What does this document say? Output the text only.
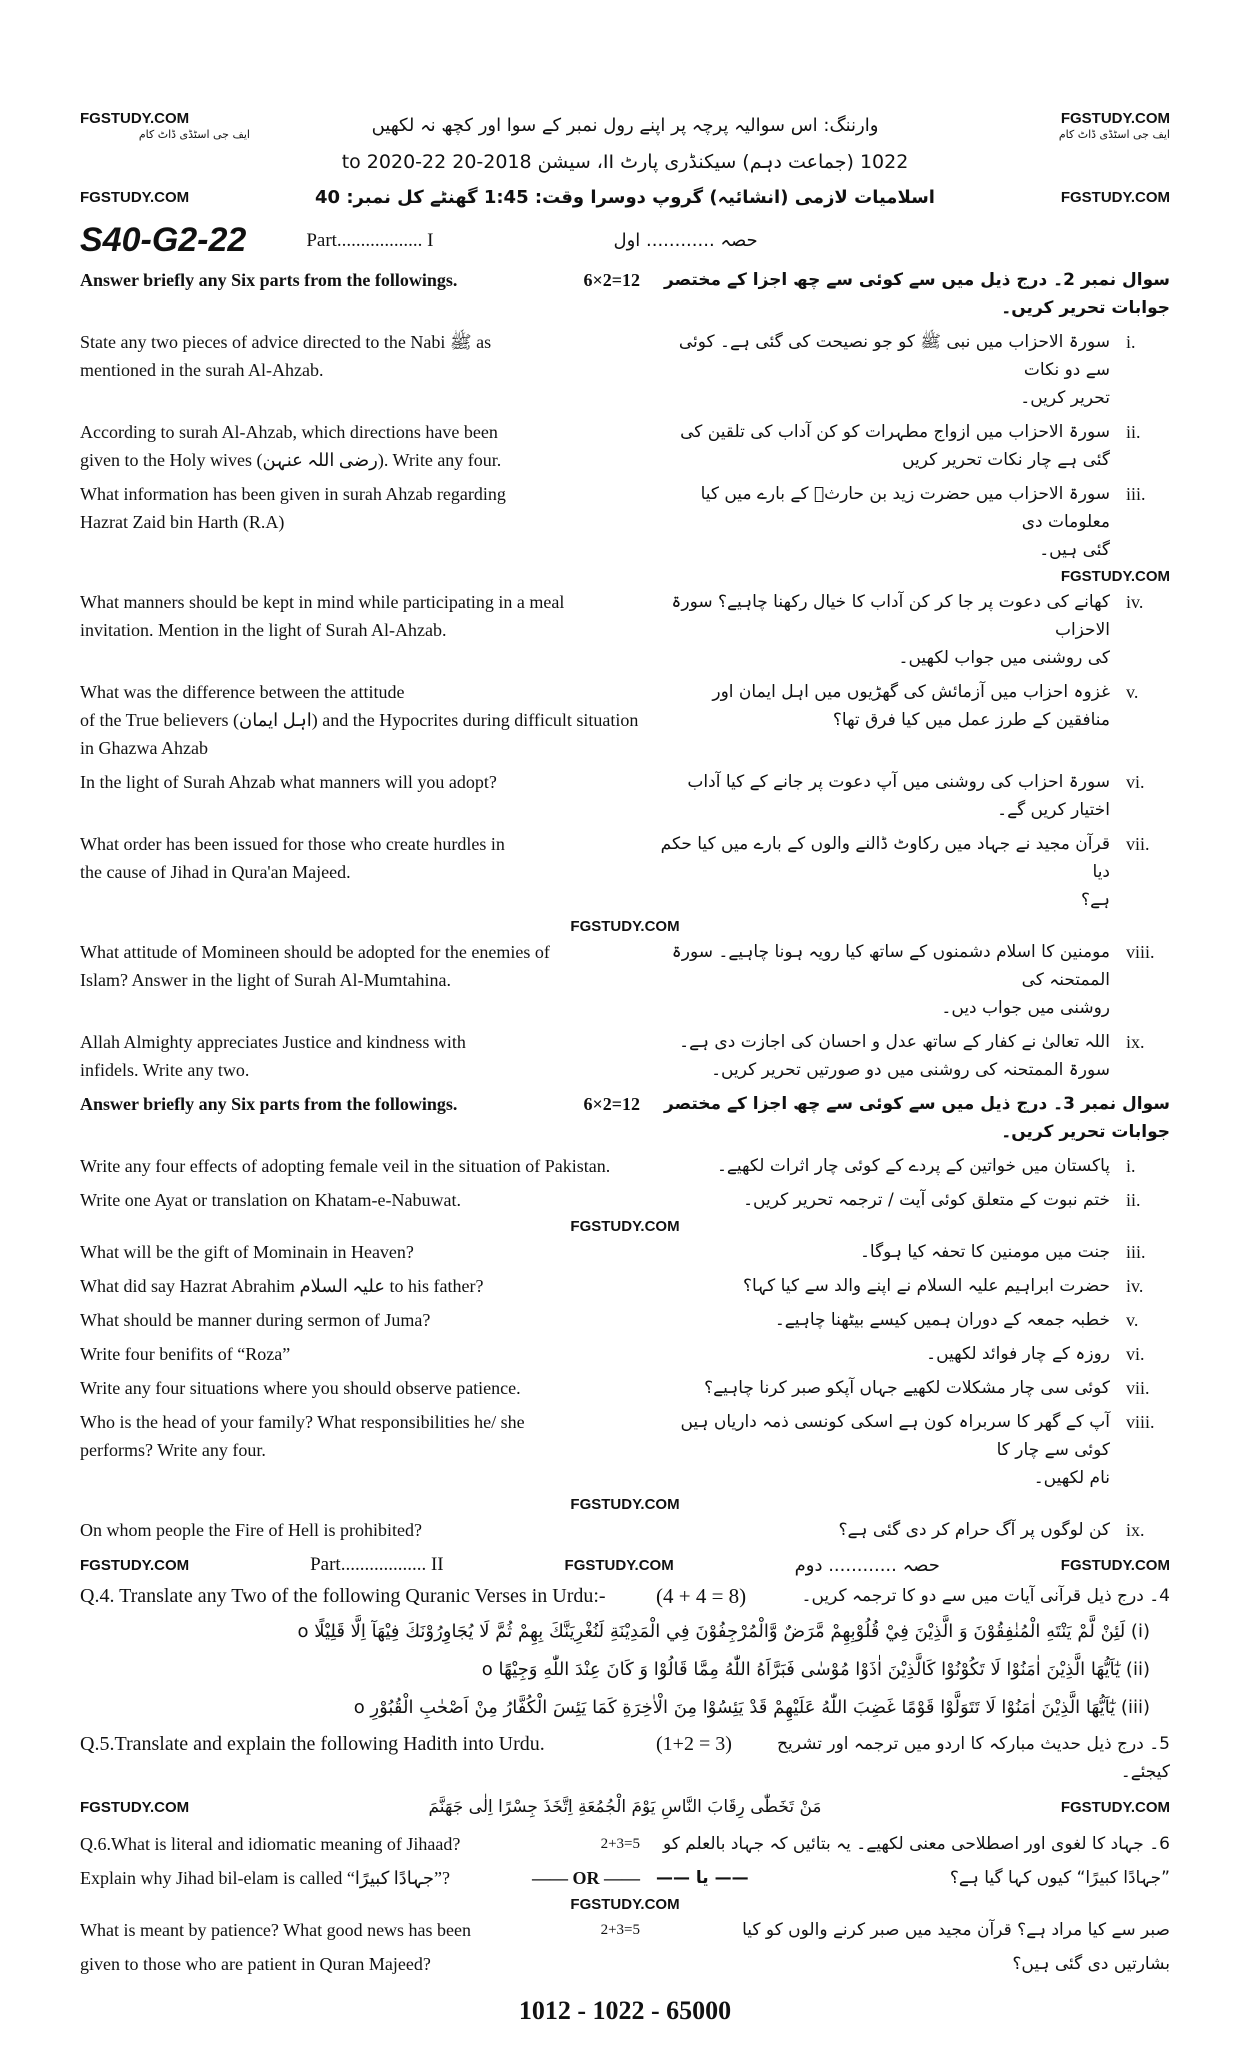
FGSTUDY.COM
ایف جی اسٹڈی ڈاٹ کام	وارننگ: اس سوالیہ پرچہ پر اپنے رول نمبر کے سوا اور کچھ نہ لکھیں	FGSTUDY.COM
ایف جی اسٹڈی ڈاٹ کام
1022 (جماعت دہم) سیکنڈری پارٹ II، سیشن 2018-20 to 2020-22
FGSTUDY.COM	اسلامیات لازمی (انشائیہ) گروپ دوسرا وقت: 1:45 گھنٹے کل نمبر: 40	FGSTUDY.COM
S40-G2-22	Part.................. I	حصہ ............ اول
Answer briefly any Six parts from the followings.	6×2=12	سوال نمبر 2۔ درج ذیل میں سے کوئی سے چھ اجزا کے مختصر جوابات تحریر کریں۔
State any two pieces of advice directed to the Nabi ﷺ as
mentioned in the surah Al-Ahzab.
سورۃ الاحزاب میں نبی ﷺ کو جو نصیحت کی گئی ہے۔ کوئی سے دو نکات
تحریر کریں۔
i.
According to surah Al-Ahzab, which directions have been
given to the Holy wives (رضی اللہ عنہن). Write any four.
سورۃ الاحزاب میں ازواج مطہرات کو کن آداب کی تلقین کی گئی ہے چار نکات تحریر کریں
ii.
What information has been given in surah Ahzab regarding
Hazrat Zaid bin Harth (R.A)
سورۃ الاحزاب میں حضرت زید بن حارثؓ کے بارے میں کیا معلومات دی
گئی ہیں۔
iii.
FGSTUDY.COM
What manners should be kept in mind while participating in a meal
invitation. Mention in the light of Surah Al-Ahzab.
کھانے کی دعوت پر جا کر کن آداب کا خیال رکھنا چاہیے؟ سورۃ الاحزاب
کی روشنی میں جواب لکھیں۔
iv.
What was the difference between the attitude
of the True believers (اہل ایمان) and the Hypocrites during difficult situation in Ghazwa Ahzab
غزوہ احزاب میں آزمائش کی گھڑیوں میں اہل ایمان اور منافقین کے طرز عمل میں کیا فرق تھا؟
v.
In the light of Surah Ahzab what manners will you adopt?	سورۃ احزاب کی روشنی میں آپ دعوت پر جانے کے کیا آداب اختیار کریں گے۔
vi.
What order has been issued for those who create hurdles in
the cause of Jihad in Qura'an Majeed.
قرآن مجید نے جہاد میں رکاوٹ ڈالنے والوں کے بارے میں کیا حکم دیا
ہے؟
vii.
FGSTUDY.COM
What attitude of Momineen should be adopted for the enemies of
Islam? Answer in the light of Surah Al-Mumtahina.
مومنین کا اسلام دشمنوں کے ساتھ کیا رویہ ہونا چاہیے۔ سورۃ الممتحنہ کی
روشنی میں جواب دیں۔
viii.
Allah Almighty appreciates Justice and kindness with
infidels. Write any two.
اللہ تعالیٰ نے کفار کے ساتھ عدل و احسان کی اجازت دی ہے۔
سورۃ الممتحنہ کی روشنی میں دو صورتیں تحریر کریں۔
ix.
Answer briefly any Six parts from the followings.	6×2=12	سوال نمبر 3۔ درج ذیل میں سے کوئی سے چھ اجزا کے مختصر جوابات تحریر کریں۔
Write any four effects of adopting female veil in the situation of Pakistan.	پاکستان میں خواتین کے پردے کے کوئی چار اثرات لکھیے۔ i.
Write one Ayat or translation on Khatam-e-Nabuwat.	ختم نبوت کے متعلق کوئی آیت / ترجمہ تحریر کریں۔ ii.
FGSTUDY.COM
What will be the gift of Mominain in Heaven?	جنت میں مومنین کا تحفہ کیا ہوگا۔ iii.
What did say Hazrat Abrahim علیہ السلام to his father?	حضرت ابراہیم علیہ السلام نے اپنے والد سے کیا کہا؟ iv.
What should be manner during sermon of Juma?	خطبہ جمعہ کے دوران ہمیں کیسے بیٹھنا چاہیے۔ v.
Write four benifits of “Roza”	روزہ کے چار فوائد لکھیں۔ vi.
Write any four situations where you should observe patience.	کوئی سی چار مشکلات لکھیے جہاں آپکو صبر کرنا چاہیے؟ vii.
Who is the head of your family? What responsibilities he/ she
performs? Write any four.
آپ کے گھر کا سربراہ کون ہے اسکی کونسی ذمہ داریاں ہیں کوئی سے چار کا
نام لکھیں۔
viii.
FGSTUDY.COM
On whom people the Fire of Hell is prohibited?	کن لوگوں پر آگ حرام کر دی گئی ہے؟ ix.
FGSTUDY.COM	Part.................. II	FGSTUDY.COM	حصہ ............ دوم	FGSTUDY.COM
Q.4. Translate any Two of the following Quranic Verses in Urdu:-	4۔ درج ذیل قرآنی آیات میں سے دو کا ترجمہ کریں۔
(4 + 4 = 8)
(i) لَئِنْ لَّمْ يَنْتَهِ الْمُنٰفِقُوْنَ وَ الَّذِيْنَ فِيْ قُلُوْبِهِمْ مَّرَضٌ وَّالْمُرْجِفُوْنَ فِي الْمَدِيْنَةِ لَنُغْرِيَنَّكَ بِهِمْ ثُمَّ لَا يُجَاوِرُوْنَكَ فِيْهَآ اِلَّا قَلِيْلًا o
(ii) يٰٓاَيُّهَا الَّذِيْنَ اٰمَنُوْا لَا تَكُوْنُوْا كَالَّذِيْنَ اٰذَوْا مُوْسٰى فَبَرَّاَهُ اللّٰهُ مِمَّا قَالُوْا وَ كَانَ عِنْدَ اللّٰهِ وَجِيْهًا o
(iii) يٰٓاَيُّهَا الَّذِيْنَ اٰمَنُوْا لَا تَتَوَلَّوْا قَوْمًا غَضِبَ اللّٰهُ عَلَيْهِمْ قَدْ يَئِسُوْا مِنَ الْاٰخِرَةِ كَمَا يَئِسَ الْكُفَّارُ مِنْ اَصْحٰبِ الْقُبُوْرِ o
Q.5.Translate and explain the following Hadith into Urdu.	5۔ درج ذیل حدیث مبارکہ کا اردو میں ترجمہ اور تشریح کیجئے۔
(1+2 = 3)
FGSTUDY.COM	مَنْ تَخَطّٰى رِقَابَ النَّاسِ يَوْمَ الْجُمُعَةِ اِتَّخَذَ جِسْرًا اِلٰى جَهَنَّمَ	FGSTUDY.COM
Q.6.What is literal and idiomatic meaning of Jihaad?	2+3=5	6۔ جہاد کا لغوی اور اصطلاحی معنی لکھیے۔ یہ بتائیں کہ جہاد بالعلم کو
Explain why Jihad bil-elam is called “جہادًا کبیرًا”?	—— OR ——	”جہادًا کبیرًا“ کیوں کہا گیا ہے؟
—— یا ——
FGSTUDY.COM
What is meant by patience? What good news has been	2+3=5	صبر سے کیا مراد ہے؟ قرآن مجید میں صبر کرنے والوں کو کیا
given to those who are patient in Quran Majeed?	بشارتیں دی گئی ہیں؟
1012 - 1022 - 65000
